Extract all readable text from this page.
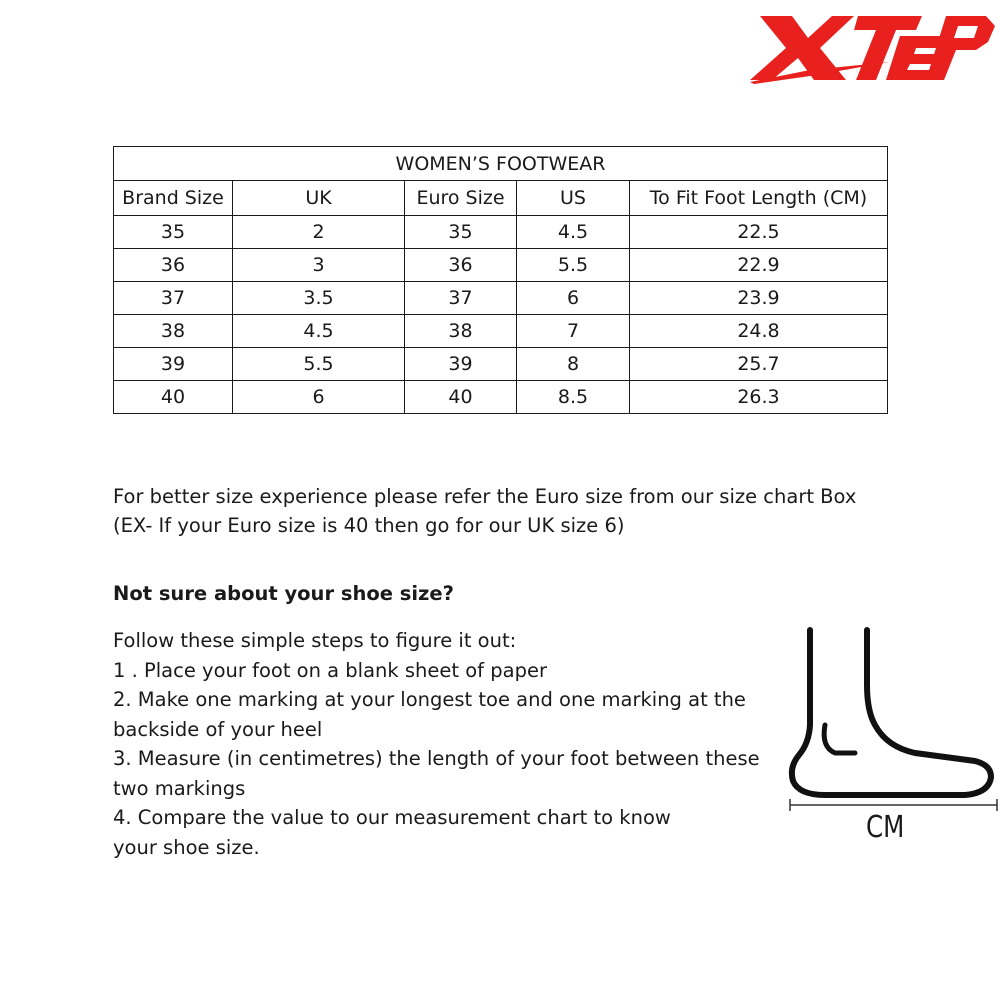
WOMEN’S FOOTWEAR				
Brand Size	UK	Euro Size	US	To Fit Foot Length (CM)
35	2	35	4.5	22.5
36	3	36	5.5	22.9
37	3.5	37	6	23.9
38	4.5	38	7	24.8
39	5.5	39	8	25.7
40	6	40	8.5	26.3

For better size experience please refer the Euro size from our size chart Box

(EX- If your Euro size is 40 then go for our UK size 6)

Not sure about your shoe size?
Follow these simple steps to figure it out:
1 . Place your foot on a blank sheet of paper
2. Make one marking at your longest toe and one marking at the
backside of your heel
3. Measure (in centimetres) the length of your foot between these
two markings
4. Compare the value to our measurement chart to know
your shoe size.
CM
